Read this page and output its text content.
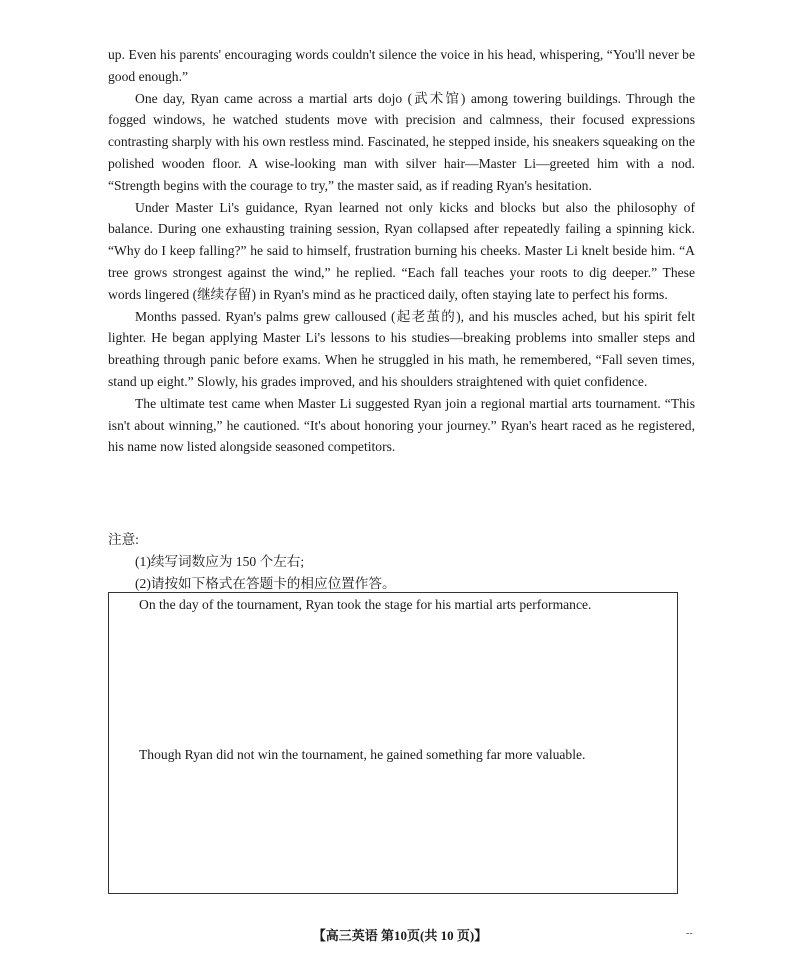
up. Even his parents' encouraging words couldn't silence the voice in his head, whispering, “You'll never be good enough.”

One day, Ryan came across a martial arts dojo (武术馆) among towering buildings. Through the fogged windows, he watched students move with precision and calmness, their focused expressions contrasting sharply with his own restless mind. Fascinated, he stepped inside, his sneakers squeaking on the polished wooden floor. A wise-looking man with silver hair—Master Li—greeted him with a nod. “Strength begins with the courage to try,” the master said, as if reading Ryan's hesitation.

Under Master Li's guidance, Ryan learned not only kicks and blocks but also the philosophy of balance. During one exhausting training session, Ryan collapsed after repeatedly failing a spinning kick. “Why do I keep falling?” he said to himself, frustration burning his cheeks. Master Li knelt beside him. “A tree grows strongest against the wind,” he replied. “Each fall teaches your roots to dig deeper.” These words lingered (继续存留) in Ryan's mind as he practiced daily, often staying late to perfect his forms.

Months passed. Ryan's palms grew calloused (起老茧的), and his muscles ached, but his spirit felt lighter. He began applying Master Li's lessons to his studies—breaking problems into smaller steps and breathing through panic before exams. When he struggled in his math, he remembered, “Fall seven times, stand up eight.” Slowly, his grades improved, and his shoulders straightened with quiet confidence.

The ultimate test came when Master Li suggested Ryan join a regional martial arts tournament. “This isn't about winning,” he cautioned. “It's about honoring your journey.” Ryan's heart raced as he registered, his name now listed alongside seasoned competitors.

注意:
(1)续写词数应为 150 个左右;
(2)请按如下格式在答题卡的相应位置作答。
On the day of the tournament, Ryan took the stage for his martial arts performance.
Though Ryan did not win the tournament, he gained something far more valuable.
【高三英语 第10页(共 10 页)】	--
